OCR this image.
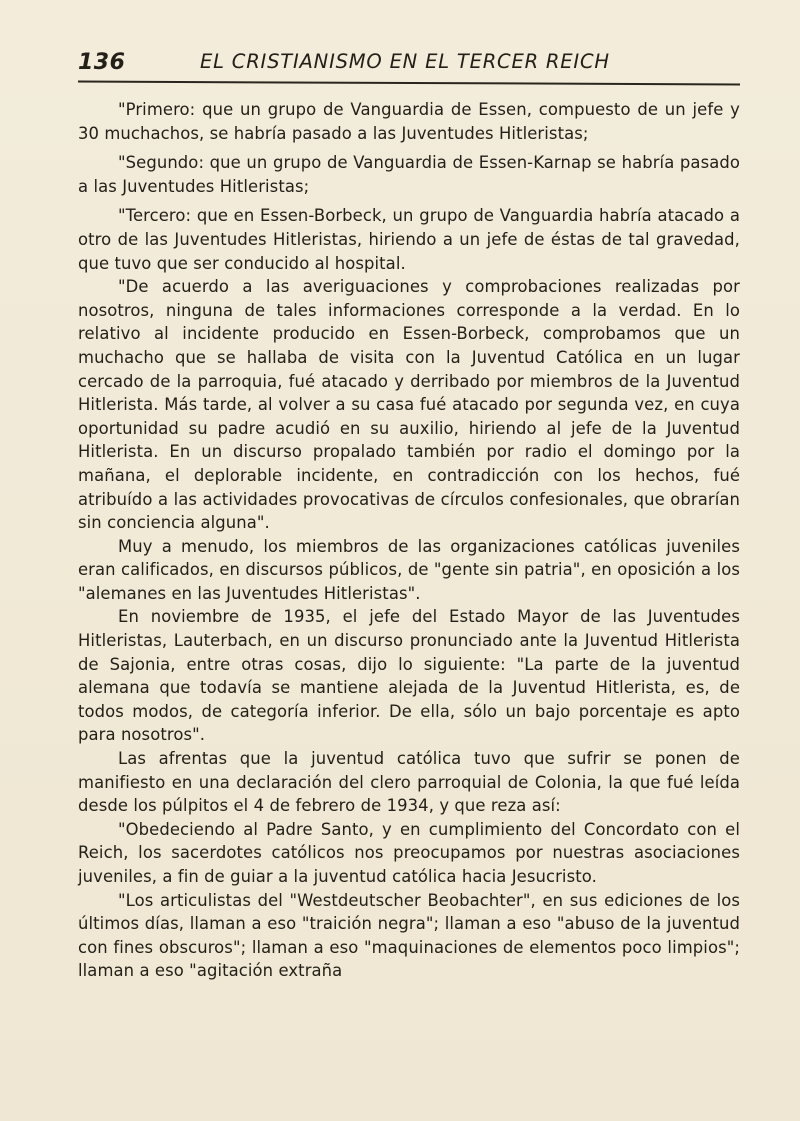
136	EL CRISTIANISMO EN EL TERCER REICH

"Primero: que un grupo de Vanguardia de Essen, compuesto de un jefe y 30 muchachos, se habría pasado a las Juventudes Hitleristas;

"Segundo: que un grupo de Vanguardia de Essen-Karnap se habría pasado a las Juventudes Hitleristas;

"Tercero: que en Essen-Borbeck, un grupo de Vanguardia habría atacado a otro de las Juventudes Hitleristas, hiriendo a un jefe de éstas de tal gravedad, que tuvo que ser conducido al hospital.

"De acuerdo a las averiguaciones y comprobaciones realizadas por nosotros, ninguna de tales informaciones corresponde a la verdad. En lo relativo al incidente producido en Essen-Borbeck, comprobamos que un muchacho que se hallaba de visita con la Juventud Católica en un lugar cercado de la parroquia, fué atacado y derribado por miembros de la Juventud Hitlerista. Más tarde, al volver a su casa fué atacado por segunda vez, en cuya oportunidad su padre acudió en su auxilio, hiriendo al jefe de la Juventud Hitlerista. En un discurso propalado también por radio el domingo por la mañana, el deplorable incidente, en contradicción con los hechos, fué atribuído a las actividades provocativas de círculos confesionales, que obrarían sin conciencia alguna".

Muy a menudo, los miembros de las organizaciones católicas juveniles eran calificados, en discursos públicos, de "gente sin patria", en oposición a los "alemanes en las Juventudes Hitleristas".

En noviembre de 1935, el jefe del Estado Mayor de las Juventudes Hitleristas, Lauterbach, en un discurso pronunciado ante la Juventud Hitlerista de Sajonia, entre otras cosas, dijo lo siguiente: "La parte de la juventud alemana que todavía se mantiene alejada de la Juventud Hitlerista, es, de todos modos, de categoría inferior. De ella, sólo un bajo porcentaje es apto para nosotros".

Las afrentas que la juventud católica tuvo que sufrir se ponen de manifiesto en una declaración del clero parroquial de Colonia, la que fué leída desde los púlpitos el 4 de febrero de 1934, y que reza así:

"Obedeciendo al Padre Santo, y en cumplimiento del Concordato con el Reich, los sacerdotes católicos nos preocupamos por nuestras asociaciones juveniles, a fin de guiar a la juventud católica hacia Jesucristo.

"Los articulistas del "Westdeutscher Beobachter", en sus ediciones de los últimos días, llaman a eso "traición negra"; llaman a eso "abuso de la juventud con fines obscuros"; llaman a eso "maquinaciones de elementos poco limpios"; llaman a eso "agitación extraña
